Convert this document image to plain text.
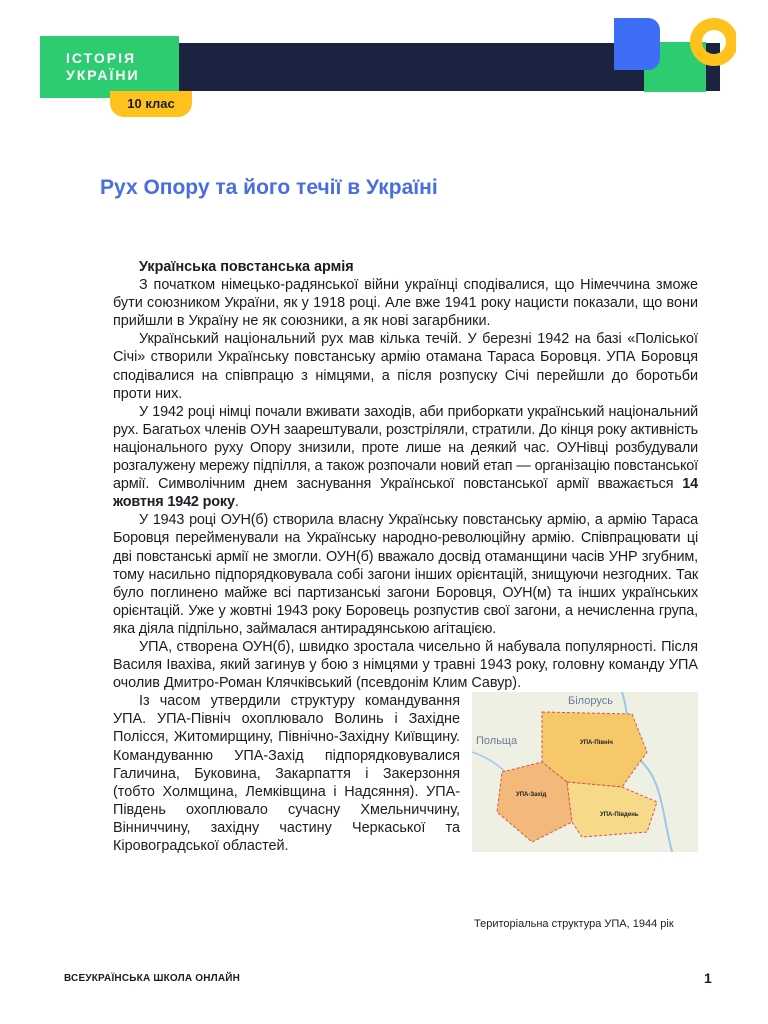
ІСТОРІЯ
УКРАЇНИ
10 клас
Рух Опору та його течії в Україні

Українська повстанська армія

З початком німецько-радянської війни українці сподівалися, що Німеччина зможе бути союзником України, як у 1918 році. Але вже 1941 року нацисти показали, що вони прийшли в Україну не як союзники, а як нові загарбники.

Український національний рух мав кілька течій. У березні 1942 на базі «Поліської Січі» створили Українську повстанську армію отамана Тараса Боровця. УПА Боровця сподівалися на співпрацю з німцями, а після розпуску Січі перейшли до боротьби проти них.

У 1942 році німці почали вживати заходів, аби приборкати український національний рух. Багатьох членів ОУН заарештували, розстріляли, стратили. До кінця року активність національного руху Опору знизили, проте лише на деякий час. ОУНівці розбудували розгалужену мережу підпілля, а також розпочали новий етап — організацію повстанської армії. Символічним днем заснування Української повстанської армії вважається 14 жовтня 1942 року.

У 1943 році ОУН(б) створила власну Українську повстанську армію, а армію Тараса Боровця перейменували на Українську народно-революційну армію. Співпрацювати ці дві повстанські армії не змогли. ОУН(б) вважало досвід отаманщини часів УНР згубним, тому насильно підпорядковувала собі загони інших орієнтацій, знищуючи незгодних. Так було поглинено майже всі партизанські загони Боровця, ОУН(м) та інших українських орієнтацій. Уже у жовтні 1943 року Боровець розпустив свої загони, а нечисленна група, яка діяла підпільно, займалася антирадянською агітацією.

УПА, створена ОУН(б), швидко зростала чисельно й набувала популярності. Після Василя Івахіва, який загинув у бою з німцями у травні 1943 року, головну команду УПА очолив Дмитро-Роман Клячківський (псевдонім Клим Савур).

Білорусь
Польща	УПА-Північ
УПА-Захід
УПА-Південь

Із часом утвердили структуру командування УПА. УПА-Північ охоплювало Волинь і Західне Полісся, Житомирщину, Північно-Західну Київщину. Командуванню УПА-Захід підпорядковувалися Галичина, Буковина, Закарпаття і Закерзоння (тобто Холмщина, Лемківщина і Надсяння). УПА-Південь охоплювало сучасну Хмельниччину, Вінниччину, західну частину Черкаської та Кіровоградської областей.

Територіальна структура УПА, 1944 рік

ВСЕУКРАЇНСЬКА ШКОЛА ОНЛАЙН	1
